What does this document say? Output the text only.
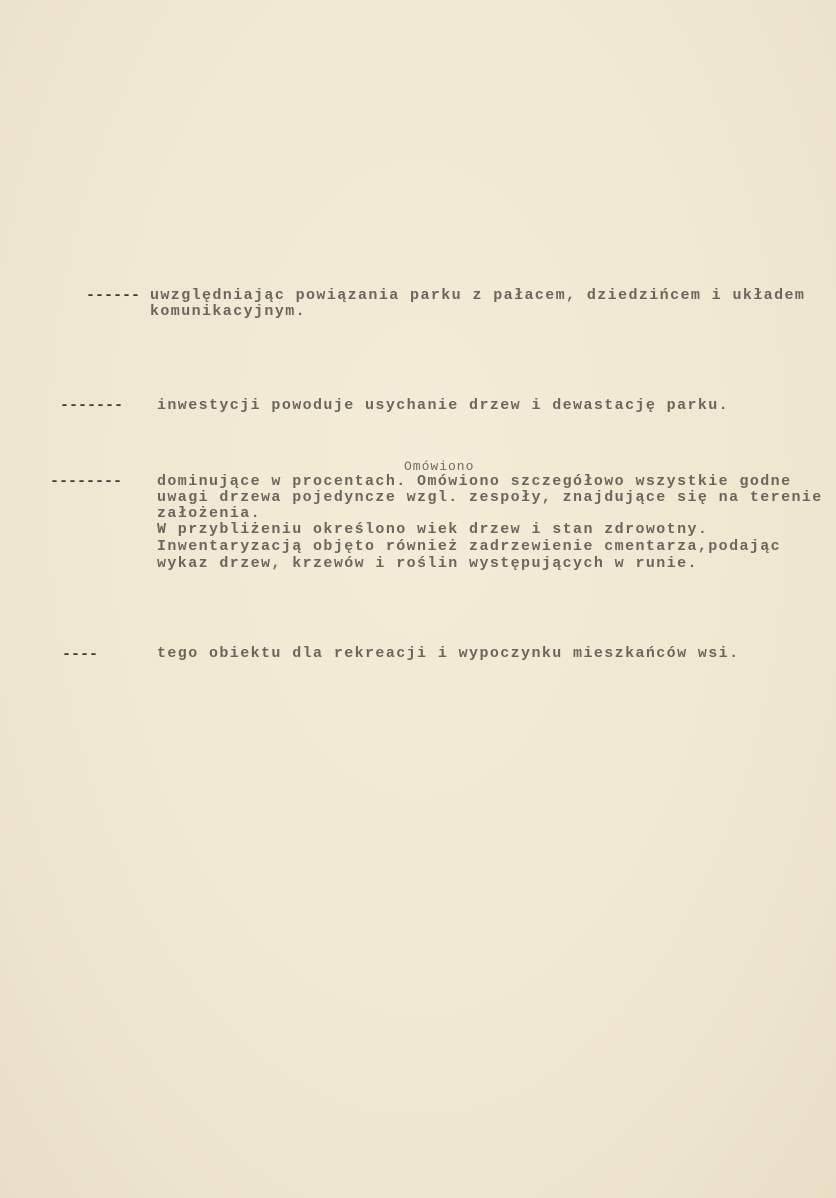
------ uwzględniając powiązania parku z pałacem, dziedzińcem i układem
komunikacyjnym.
------- inwestycji powoduje usychanie drzew i dewastację parku.
--------
Omówiono
dominujące w procentach. Omówiono szczegółowo wszystkie godne
uwagi drzewa pojedyncze wzgl. zespoły, znajdujące się na terenie
założenia.
W przybliżeniu określono wiek drzew i stan zdrowotny.
Inwentaryzacją objęto również zadrzewienie cmentarza,podając
wykaz drzew, krzewów i roślin występujących w runie.
----	tego obiektu dla rekreacji i wypoczynku mieszkańców wsi.
